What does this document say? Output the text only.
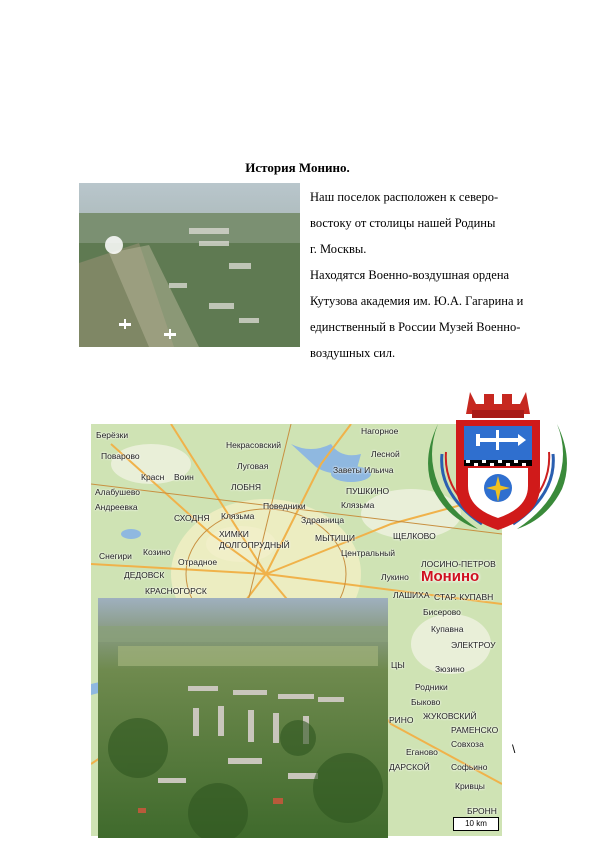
История Монино.
Наш поселок расположен к северо-
востоку от столицы нашей Родины
г. Москвы.
Находятся Военно-воздушная ордена
Кутузова академия им. Ю.А. Гагарина и
единственный в России Музей Военно-
воздушных сил.
Берёзки	Нагорное
Некрасовский
Поварово	Лесной
Красн Воин
Луговая	Заветы Ильича
Алабушево	ЛОБНЯ	ПУШКИНО
Андреевка	Поведники	Клязьма
СХОДНЯ	Здравница
Клязьма
ХИМКИ	МЫТИЩИ	ЩЕЛКОВО
ДОЛГОПРУДНЫЙ
Снегири Козино
Отрадное
Центральный
ЛОСИНО-ПЕТРОВ
ДЕДОВСК	Лукино
КРАСНОГОРСК	ЛАШИХА СТАР. КУПАВН
Бисерово
Купавна
ЭЛЕКТРОУ
Зюзино
ЦЫ
Родники
Быково
РИНО ЖУКОВСКИЙ
РАМЕНСКО
Совхоза
Еганово
ДАРСКОЙ	Софьино
Кривцы
БРОНН
Монино
10 km
\
